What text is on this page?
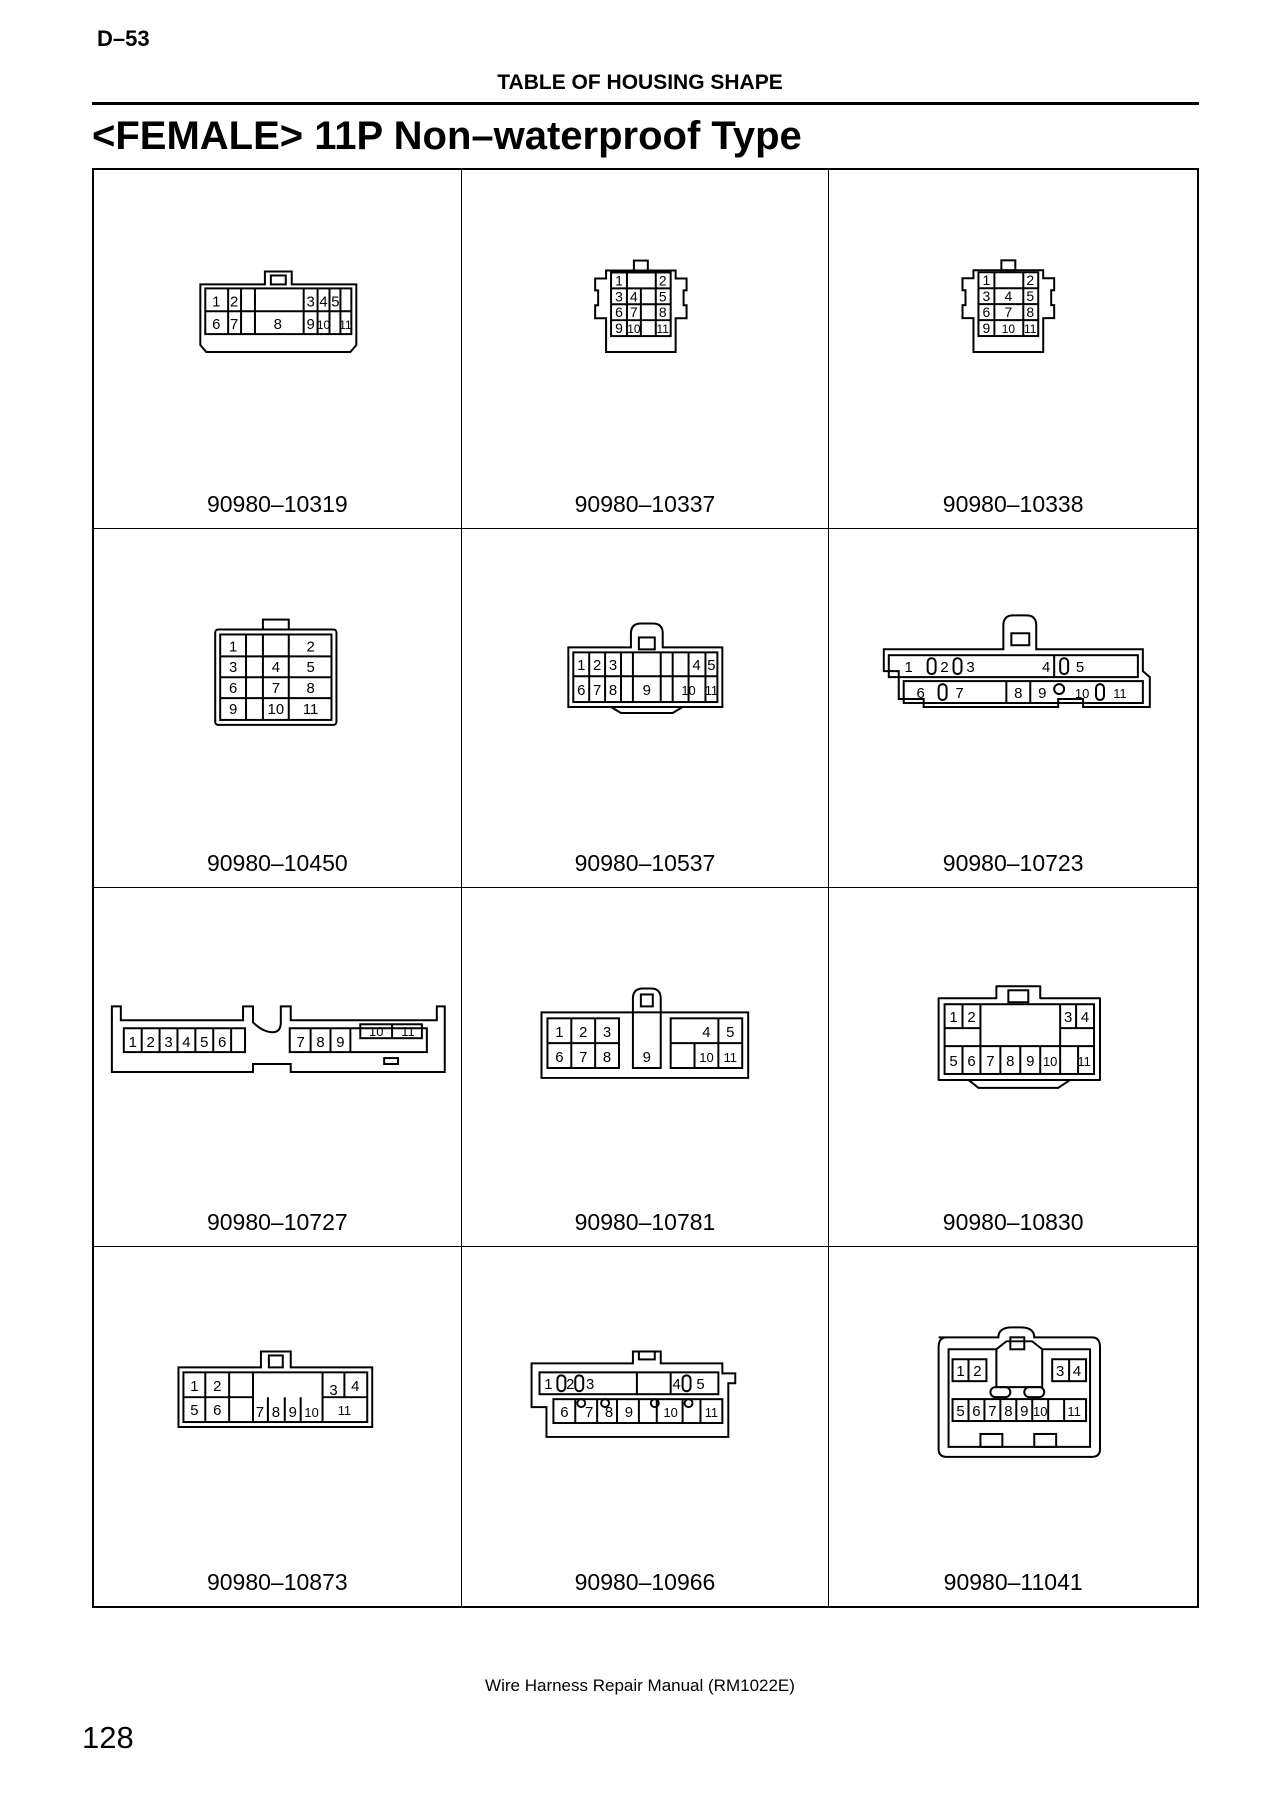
D–53
TABLE OF HOUSING SHAPE
<FEMALE> 11P Non–waterproof Type
1 2	3 4 5
6 7 8 9 10 11
90980–10319
1	2
3 4 5
6 7 8
9 10 11
90980–10337
1	2
3 4 5
6 7 8
9 10 11
90980–10338
1	2
3 4 5
6 7 8
9 10 11
90980–10450
1 2 3	4 5
6 7 8 9 10 11
90980–10537
1 2 3	4 5
6 7	8 9 10 11
90980–10723
1 2 3 4 5 6	7 8 9
10 11
90980–10727
1 2 3	4 5
6 7 8 9	10 11
90980–10781
1 2	3 4
5 6 7 8 9 10 11
90980–10830
1 2	3 4
5 6 7 8 9 10 11
90980–10873
1 2 3	4 5
6 7 8 9 10 11
90980–10966
1 2	3 4
5 6 7 8 9 10 11
90980–11041
Wire Harness Repair Manual (RM1022E)
128
